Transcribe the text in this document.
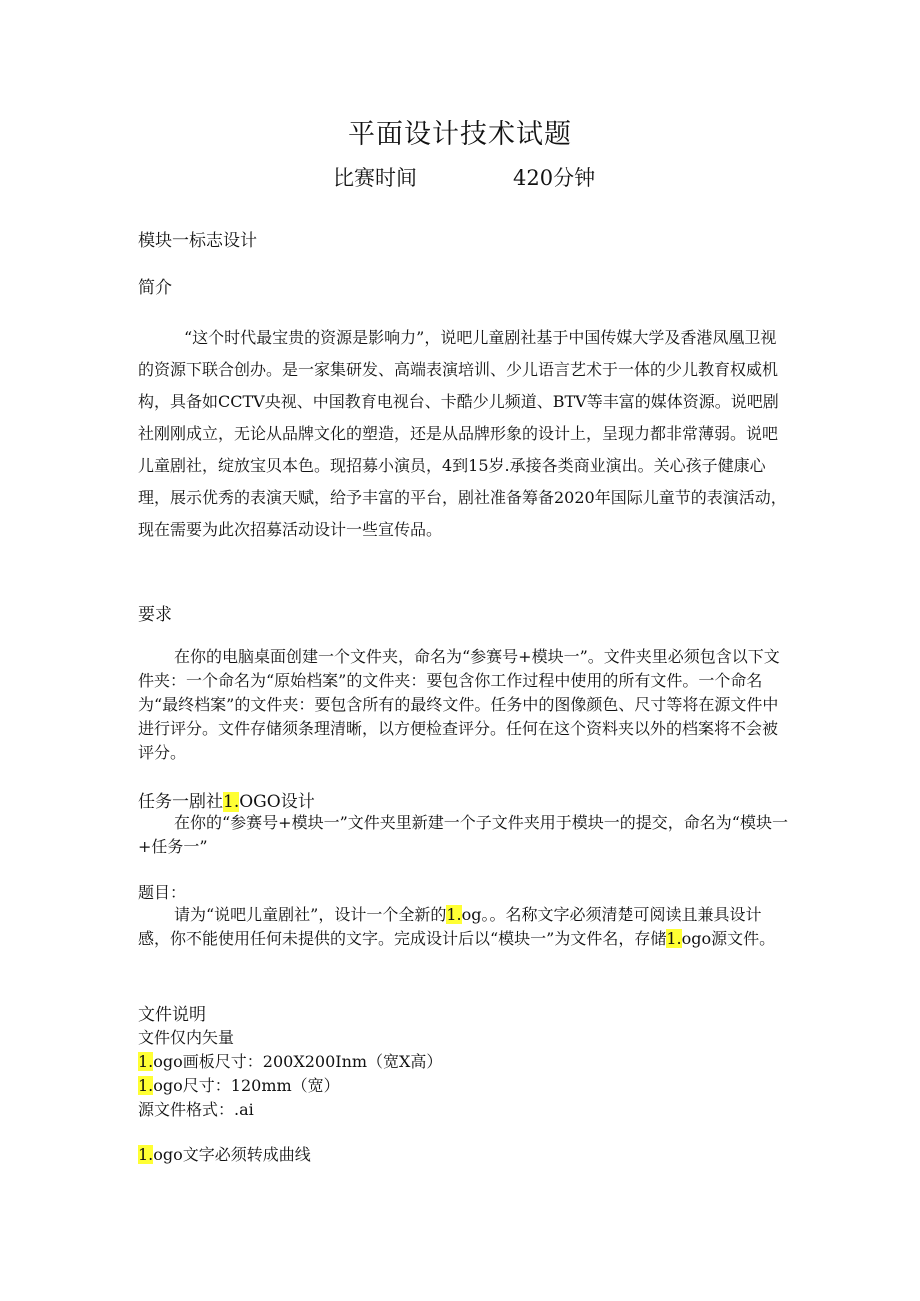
平面设计技术试题
比赛时间	420分钟
模块一标志设计
简介
“这个时代最宝贵的资源是影响力”，说吧儿童剧社基于中国传媒大学及香港凤凰卫视的资源下联合创办。是一家集研发、高端表演培训、少儿语言艺术于一体的少儿教育权威机构，具备如CCTV央视、中国教育电视台、卡酷少儿频道、BTV等丰富的媒体资源。说吧剧社刚刚成立，无论从品牌文化的塑造，还是从品牌形象的设计上，呈现力都非常薄弱。说吧儿童剧社，绽放宝贝本色。现招募小演员，4到15岁.承接各类商业演出。关心孩子健康心理，展示优秀的表演天赋，给予丰富的平台，剧社准备筹备2020年国际儿童节的表演活动，现在需要为此次招募活动设计一些宣传品。
要求
在你的电脑桌面创建一个文件夹，命名为“参赛号+模块一”。文件夹里必须包含以下文件夹：一个命名为“原始档案”的文件夹：要包含你工作过程中使用的所有文件。一个命名为“最终档案”的文件夹：要包含所有的最终文件。任务中的图像颜色、尺寸等将在源文件中进行评分。文件存储须条理清晰，以方便检查评分。任何在这个资料夹以外的档案将不会被评分。
任务一剧社1.OGO设计
在你的“参赛号+模块一”文件夹里新建一个子文件夹用于模块一的提交，命名为“模块一+任务一”
题目：
请为“说吧儿童剧社”，设计一个全新的1.og。。名称文字必须清楚可阅读且兼具设计感，你不能使用任何未提供的文字。完成设计后以“模块一”为文件名，存储1.ogo源文件。
文件说明
文件仅内矢量
1.ogo画板尺寸：200X200Inm（宽X高）
1.ogo尺寸：120mm（宽）
源文件格式：.ai
1.ogo文字必须转成曲线
